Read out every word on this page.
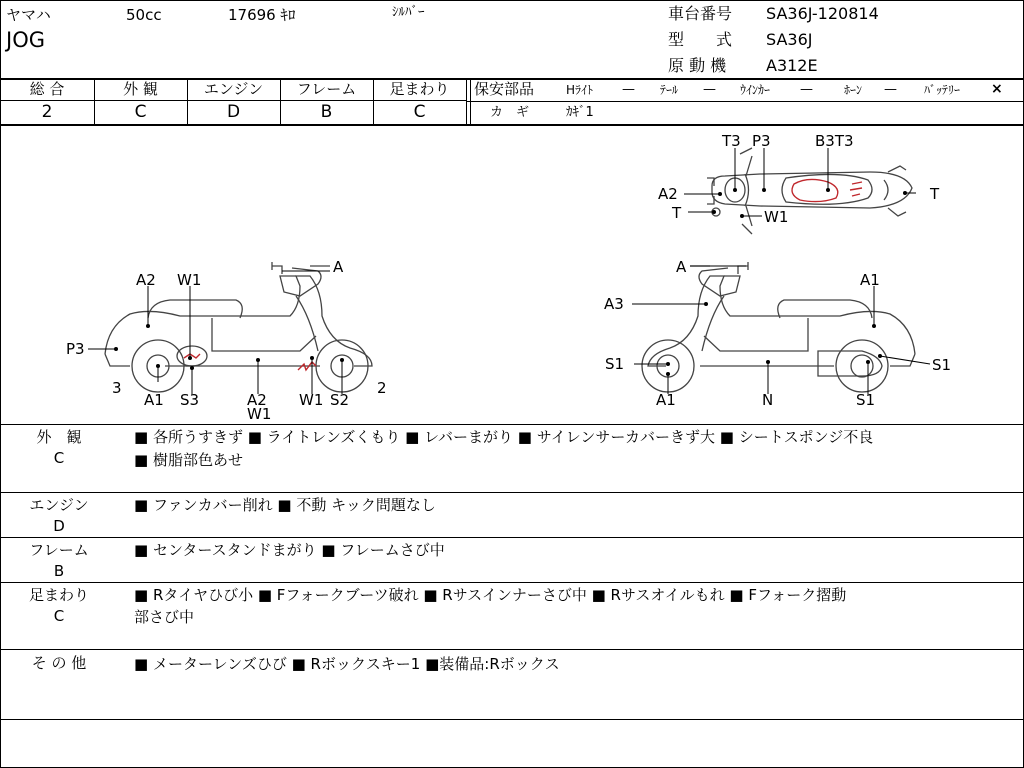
ヤマハ	50cc	17696 ｷﾛ	ｼﾙﾊﾞｰ
JOG
車台番号 SA36J-120814
型　　式 SA36J
原 動 機 A312E
総 合	外 観	エンジン	フレーム	足まわり
2	C	D	B	C
保安部品	Hﾗｲﾄ — ﾃｰﾙ — ｳｲﾝｶｰ —	ﾎｰﾝ — ﾊﾞｯﾃﾘｰ ×
カ　ギ	ｶｷﾞ1
T3 P3	B3T3
A2	T
T	W1
A
A2 W1
P3
3
A1 S3	A2
W1
W1 S2
2
A
A1
A3
S1	S1
A1	N	S1
外　観
C
■ 各所うすきず ■ ライトレンズくもり ■ レバーまがり ■ サイレンサーカバーきず大 ■ シートスポンジ不良
■ 樹脂部色あせ
エンジン
D
■ ファンカバー削れ ■ 不動 キック問題なし
フレーム
B
■ センタースタンドまがり ■ フレームさび中
足まわり
C
■ Rタイヤひび小 ■ Fフォークブーツ破れ ■ Rサスインナーさび中 ■ Rサスオイルもれ ■ Fフォーク摺動
部さび中
そ の 他	■ メーターレンズひび ■ Rボックスキー1 ■装備品:Rボックス
